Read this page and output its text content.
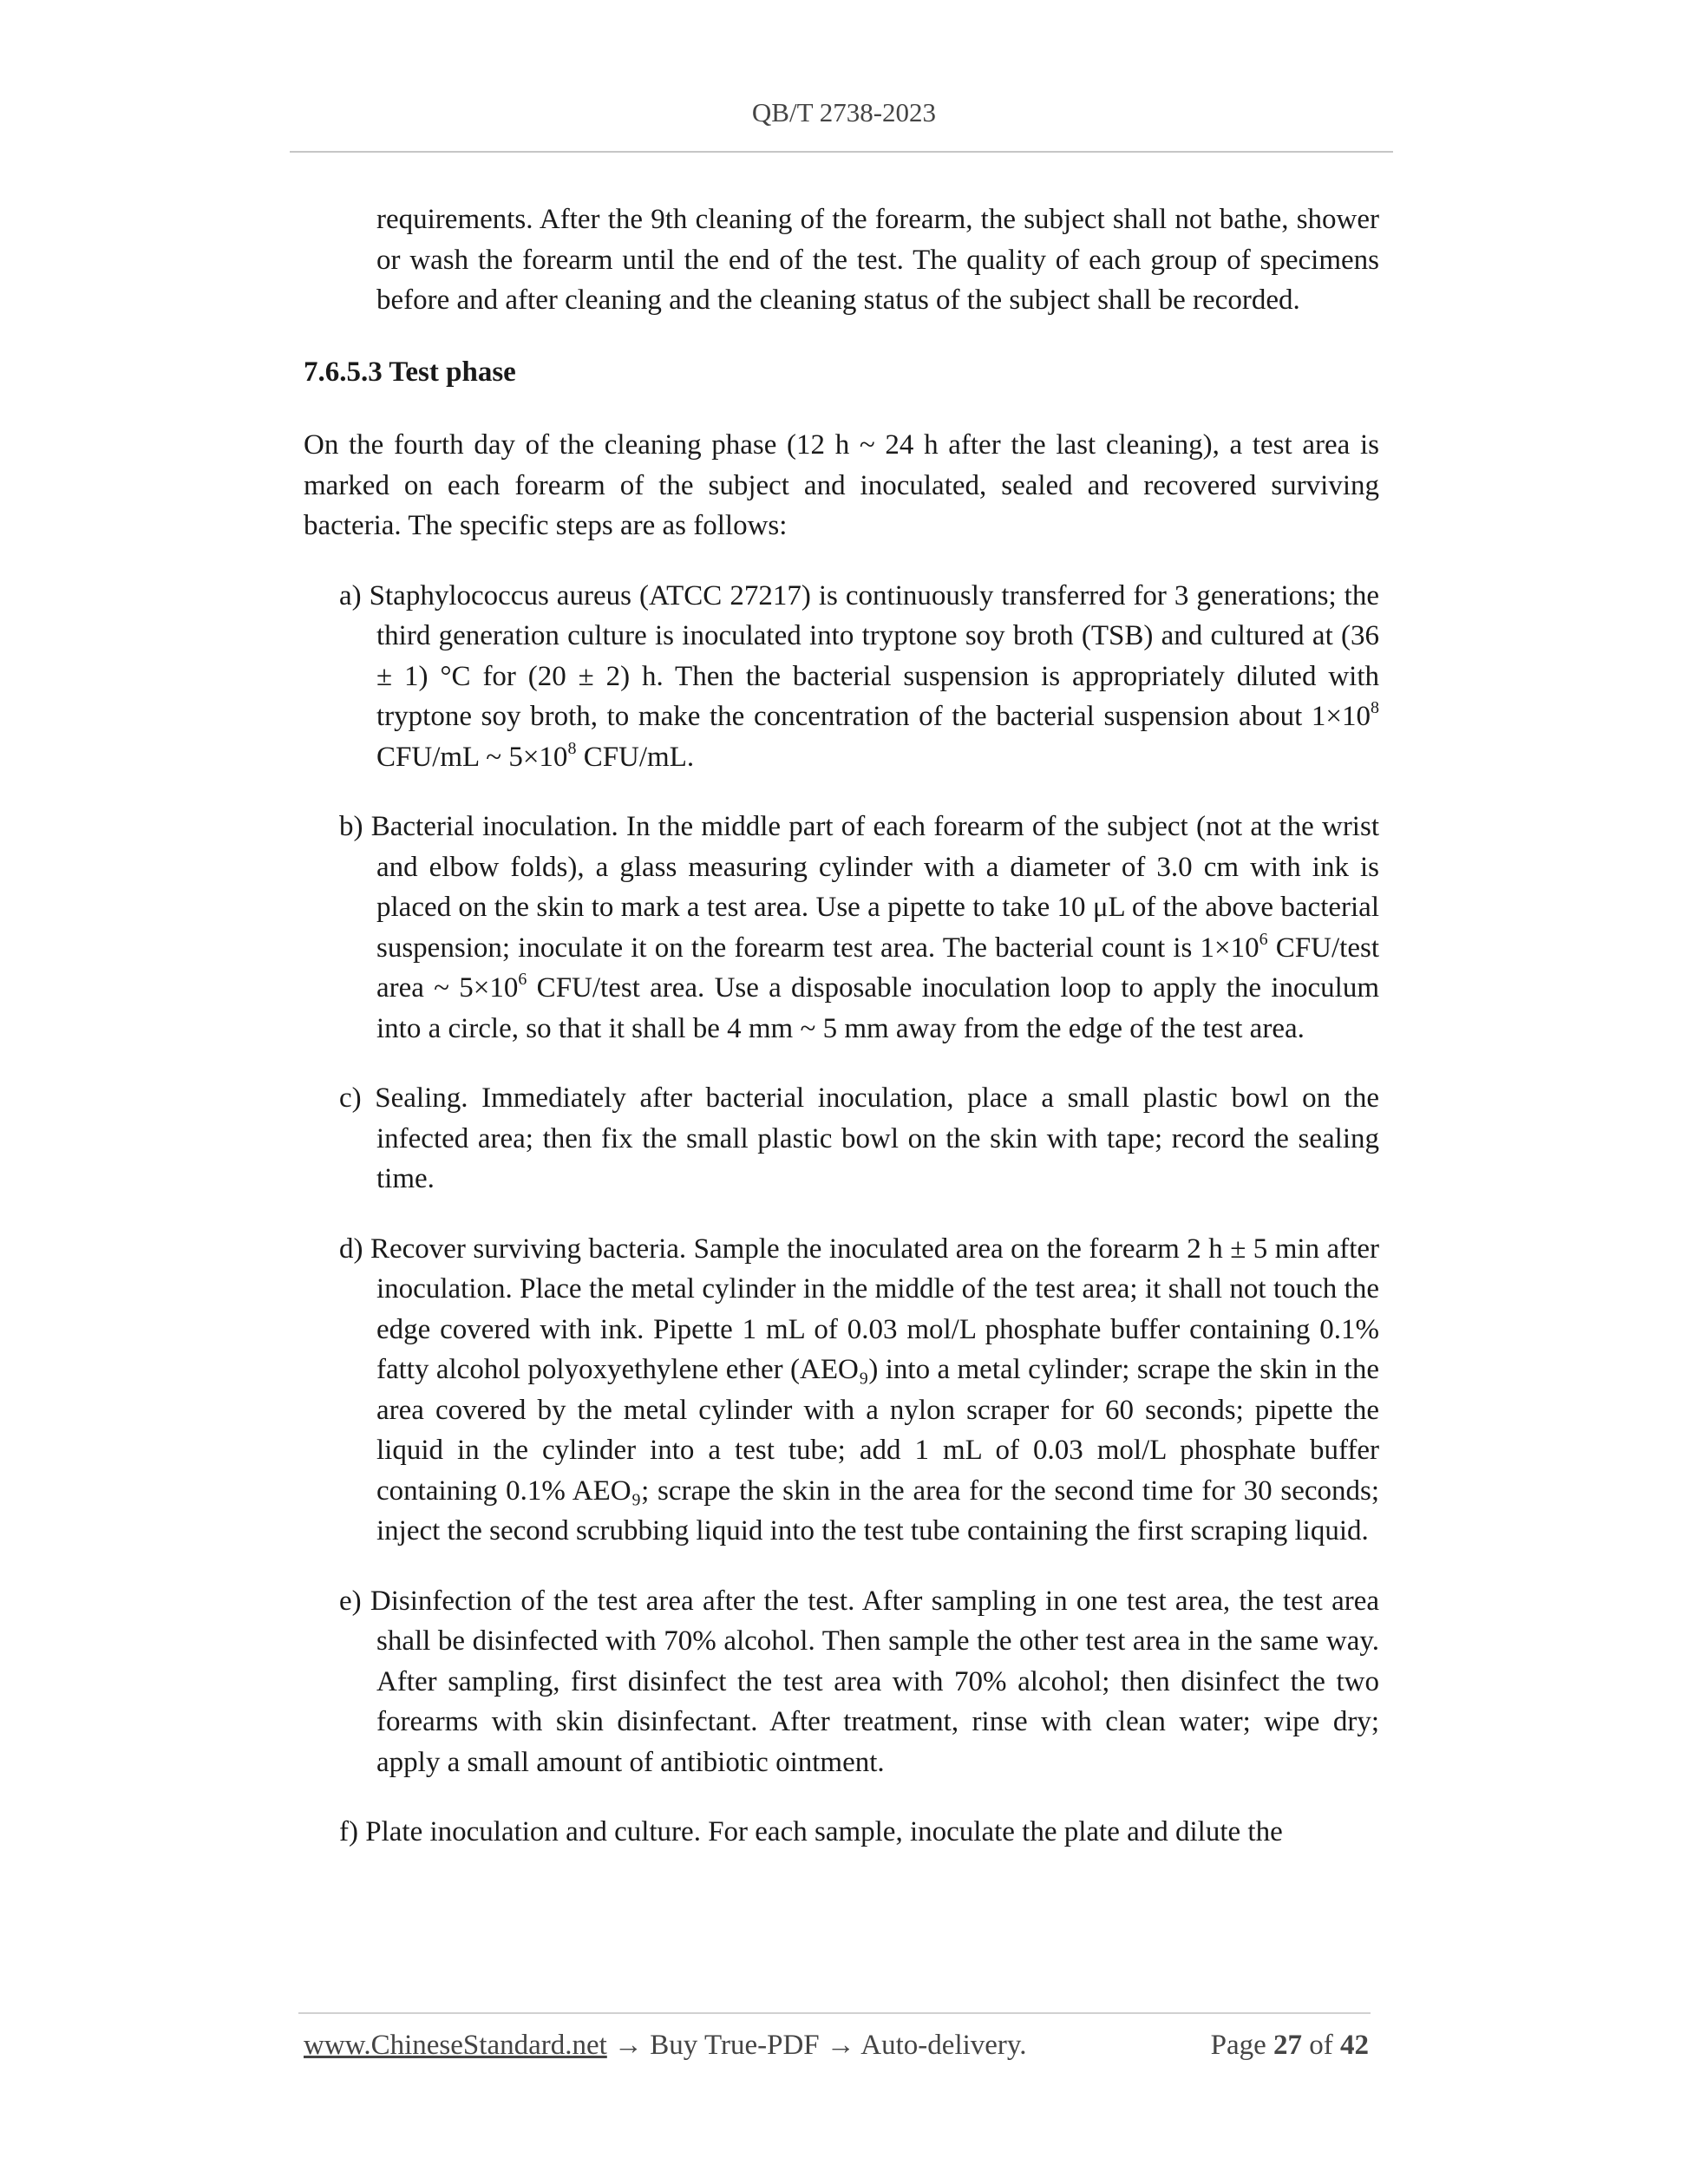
QB/T 2738-2023

requirements. After the 9th cleaning of the forearm, the subject shall not bathe, shower or wash the forearm until the end of the test. The quality of each group of specimens before and after cleaning and the cleaning status of the subject shall be recorded.

7.6.5.3 Test phase

On the fourth day of the cleaning phase (12 h ~ 24 h after the last cleaning), a test area is marked on each forearm of the subject and inoculated, sealed and recovered surviving bacteria. The specific steps are as follows:

a) Staphylococcus aureus (ATCC 27217) is continuously transferred for 3 generations; the third generation culture is inoculated into tryptone soy broth (TSB) and cultured at (36 ± 1) °C for (20 ± 2) h. Then the bacterial suspension is appropriately diluted with tryptone soy broth, to make the concentration of the bacterial suspension about $1\times 10^8$ CFU/mL ~ $5\times 10^8$ CFU/mL.

b) Bacterial inoculation. In the middle part of each forearm of the subject (not at the wrist and elbow folds), a glass measuring cylinder with a diameter of 3.0 cm with ink is placed on the skin to mark a test area. Use a pipette to take 10 μL of the above bacterial suspension; inoculate it on the forearm test area. The bacterial count is $1\times 10^6$ CFU/test area ~ $5\times 10^6$ CFU/test area. Use a disposable inoculation loop to apply the inoculum into a circle, so that it shall be 4 mm ~ 5 mm away from the edge of the test area.

c) Sealing. Immediately after bacterial inoculation, place a small plastic bowl on the infected area; then fix the small plastic bowl on the skin with tape; record the sealing time.

d) Recover surviving bacteria. Sample the inoculated area on the forearm 2 h ± 5 min after inoculation. Place the metal cylinder in the middle of the test area; it shall not touch the edge covered with ink. Pipette 1 mL of 0.03 mol/L phosphate buffer containing 0.1% fatty alcohol polyoxyethylene ether (AEO₉) into a metal cylinder; scrape the skin in the area covered by the metal cylinder with a nylon scraper for 60 seconds; pipette the liquid in the cylinder into a test tube; add 1 mL of 0.03 mol/L phosphate buffer containing 0.1% AEO₉; scrape the skin in the area for the second time for 30 seconds; inject the second scrubbing liquid into the test tube containing the first scraping liquid.

e) Disinfection of the test area after the test. After sampling in one test area, the test area shall be disinfected with 70% alcohol. Then sample the other test area in the same way. After sampling, first disinfect the test area with 70% alcohol; then disinfect the two forearms with skin disinfectant. After treatment, rinse with clean water; wipe dry; apply a small amount of antibiotic ointment.

f) Plate inoculation and culture. For each sample, inoculate the plate and dilute the

www.ChineseStandard.net → Buy True-PDF → Auto-delivery.	Page 27 of 42
